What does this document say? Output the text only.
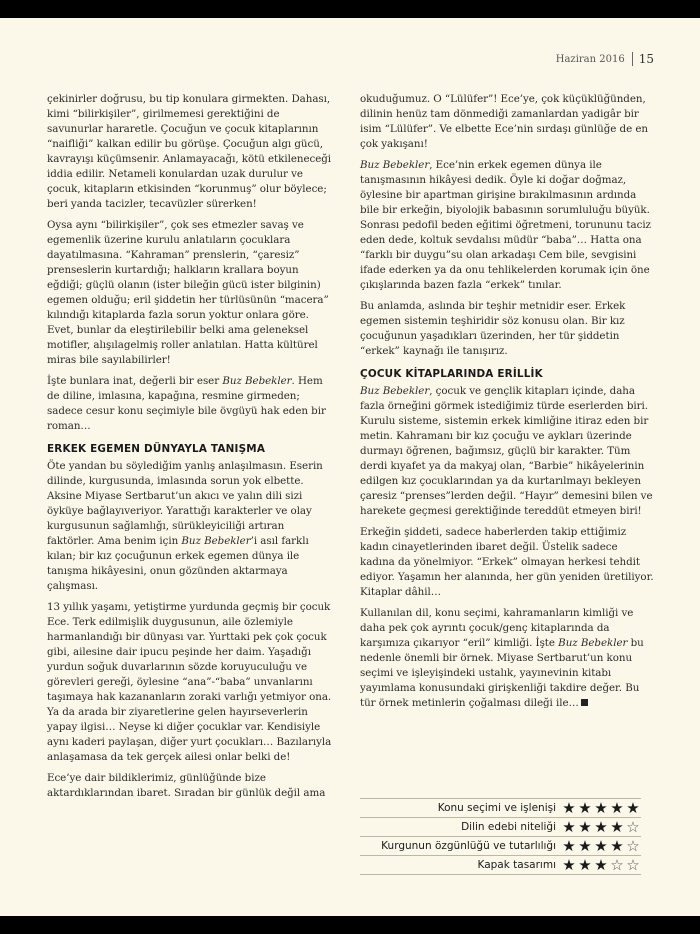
Haziran 2016 15

çekinirler doğrusu, bu tip konulara girmekten. Dahası, kimi “bilirkişiler”, girilmemesi gerektiğini de savunurlar hararetle. Çocuğun ve çocuk kitaplarının “naifliği” kalkan edilir bu görüşe. Çocuğun algı gücü, kavrayışı küçümsenir. Anlamayacağı, kötü etkileneceği iddia edilir. Netameli konulardan uzak durulur ve çocuk, kitapların etkisinden “korunmuş” olur böylece; beri yanda tacizler, tecavüzler sürerken!

Oysa aynı “bilirkişiler”, çok ses etmezler savaş ve egemenlik üzerine kurulu anlatıların çocuklara dayatılmasına. “Kahraman” prenslerin, “çaresiz” prenseslerin kurtardığı; halkların krallara boyun eğdiği; güçlü olanın (ister bileğin gücü ister bilginin) egemen olduğu; eril şiddetin her türlüsünün “macera” kılındığı kitaplarda fazla sorun yoktur onlara göre. Evet, bunlar da eleştirilebilir belki ama geleneksel motifler, alışılagelmiş roller anlatılan. Hatta kültürel miras bile sayılabilirler!

İşte bunlara inat, değerli bir eser Buz Bebekler. Hem de diline, imlasına, kapağına, resmine girmeden; sadece cesur konu seçimiyle bile övgüyü hak eden bir roman…

ERKEK EGEMEN DÜNYAYLA TANIŞMA

Öte yandan bu söylediğim yanlış anlaşılmasın. Eserin dilinde, kurgusunda, imlasında sorun yok elbette. Aksine Miyase Sertbarut’un akıcı ve yalın dili sizi öyküye bağlayıveriyor. Yarattığı karakterler ve olay kurgusunun sağlamlığı, sürükleyiciliği artıran faktörler. Ama benim için Buz Bebekler’i asıl farklı kılan; bir kız çocuğunun erkek egemen dünya ile tanışma hikâyesini, onun gözünden aktarmaya çalışması.

13 yıllık yaşamı, yetiştirme yurdunda geçmiş bir çocuk Ece. Terk edilmişlik duygusunun, aile özlemiyle harmanlandığı bir dünyası var. Yurttaki pek çok çocuk gibi, ailesine dair ipucu peşinde her daim. Yaşadığı yurdun soğuk duvarlarının sözde koruyuculuğu ve görevleri gereği, öylesine “ana”-“baba” unvanlarını taşımaya hak kazananların zoraki varlığı yetmiyor ona. Ya da arada bir ziyaretlerine gelen hayırseverlerin yapay ilgisi… Neyse ki diğer çocuklar var. Kendisiyle aynı kaderi paylaşan, diğer yurt çocukları… Bazılarıyla anlaşamasa da tek gerçek ailesi onlar belki de!

Ece’ye dair bildiklerimiz, günlüğünde bize aktardıklarından ibaret. Sıradan bir günlük değil ama

okuduğumuz. O “Lülüfer”! Ece’ye, çok küçüklüğünden, dilinin henüz tam dönmediği zamanlardan yadigâr bir isim “Lülüfer”. Ve elbette Ece’nin sırdaşı günlüğe de en çok yakışanı!

Buz Bebekler, Ece’nin erkek egemen dünya ile tanışmasının hikâyesi dedik. Öyle ki doğar doğmaz, öylesine bir apartman girişine bırakılmasının ardında bile bir erkeğin, biyolojik babasının sorumluluğu büyük. Sonrası pedofil beden eğitimi öğretmeni, torununu taciz eden dede, koltuk sevdalısı müdür “baba”… Hatta ona “farklı bir duygu”su olan arkadaşı Cem bile, sevgisini ifade ederken ya da onu tehlikelerden korumak için öne çıkışlarında bazen fazla “erkek” tınılar.

Bu anlamda, aslında bir teşhir metnidir eser. Erkek egemen sistemin teşhiridir söz konusu olan. Bir kız çocuğunun yaşadıkları üzerinden, her tür şiddetin “erkek” kaynağı ile tanışırız.

ÇOCUK KİTAPLARINDA ERİLLİK

Buz Bebekler, çocuk ve gençlik kitapları içinde, daha fazla örneğini görmek istediğimiz türde eserlerden biri. Kurulu sisteme, sistemin erkek kimliğine itiraz eden bir metin. Kahramanı bir kız çocuğu ve aykları üzerinde durmayı öğrenen, bağımsız, güçlü bir karakter. Tüm derdi kıyafet ya da makyaj olan, “Barbie” hikâyelerinin edilgen kız çocuklarından ya da kurtarılmayı bekleyen çaresiz “prenses”lerden değil. “Hayır” demesini bilen ve harekete geçmesi gerektiğinde tereddüt etmeyen biri!

Erkeğin şiddeti, sadece haberlerden takip ettiğimiz kadın cinayetlerinden ibaret değil. Üstelik sadece kadına da yönelmiyor. “Erkek” olmayan herkesi tehdit ediyor. Yaşamın her alanında, her gün yeniden üretiliyor. Kitaplar dâhil…

Kullanılan dil, konu seçimi, kahramanların kimliği ve daha pek çok ayrıntı çocuk/genç kitaplarında da karşımıza çıkarıyor “eril” kimliği. İşte Buz Bebekler bu nedenle önemli bir örnek. Miyase Sertbarut’un konu seçimi ve işleyişindeki ustalık, yayınevinin kitabı yayımlama konusundaki girişkenliği takdire değer. Bu tür örnek metinlerin çoğalması dileği ile…

Konu seçimi ve işlenişi ★ ★ ★ ★ ★
Dilin edebi niteliği ★ ★ ★ ★ ☆
Kurgunun özgünlüğü ve tutarlılığı ★ ★ ★ ★ ☆
Kapak tasarımı ★ ★ ★ ☆ ☆
